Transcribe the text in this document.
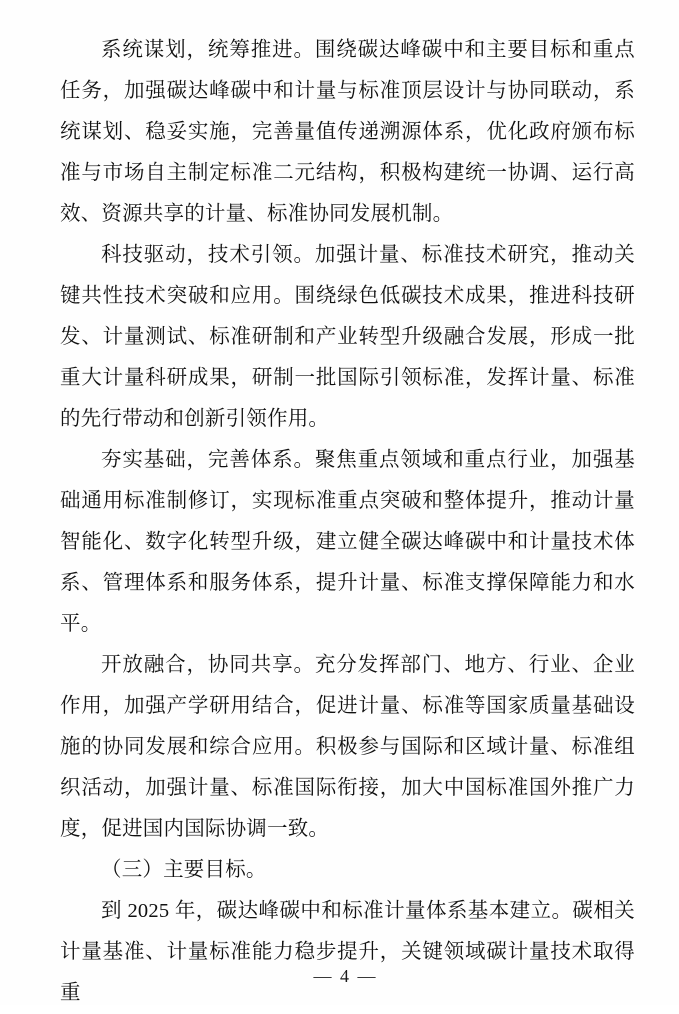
系统谋划，统筹推进。围绕碳达峰碳中和主要目标和重点任务，加强碳达峰碳中和计量与标准顶层设计与协同联动，系统谋划、稳妥实施，完善量值传递溯源体系，优化政府颁布标准与市场自主制定标准二元结构，积极构建统一协调、运行高效、资源共享的计量、标准协同发展机制。

科技驱动，技术引领。加强计量、标准技术研究，推动关键共性技术突破和应用。围绕绿色低碳技术成果，推进科技研发、计量测试、标准研制和产业转型升级融合发展，形成一批重大计量科研成果，研制一批国际引领标准，发挥计量、标准的先行带动和创新引领作用。

夯实基础，完善体系。聚焦重点领域和重点行业，加强基础通用标准制修订，实现标准重点突破和整体提升，推动计量智能化、数字化转型升级，建立健全碳达峰碳中和计量技术体系、管理体系和服务体系，提升计量、标准支撑保障能力和水平。

开放融合，协同共享。充分发挥部门、地方、行业、企业作用，加强产学研用结合，促进计量、标准等国家质量基础设施的协同发展和综合应用。积极参与国际和区域计量、标准组织活动，加强计量、标准国际衔接，加大中国标准国外推广力度，促进国内国际协调一致。

（三）主要目标。

到 2025 年，碳达峰碳中和标准计量体系基本建立。碳相关计量基准、计量标准能力稳步提升，关键领域碳计量技术取得重

— 4 —
